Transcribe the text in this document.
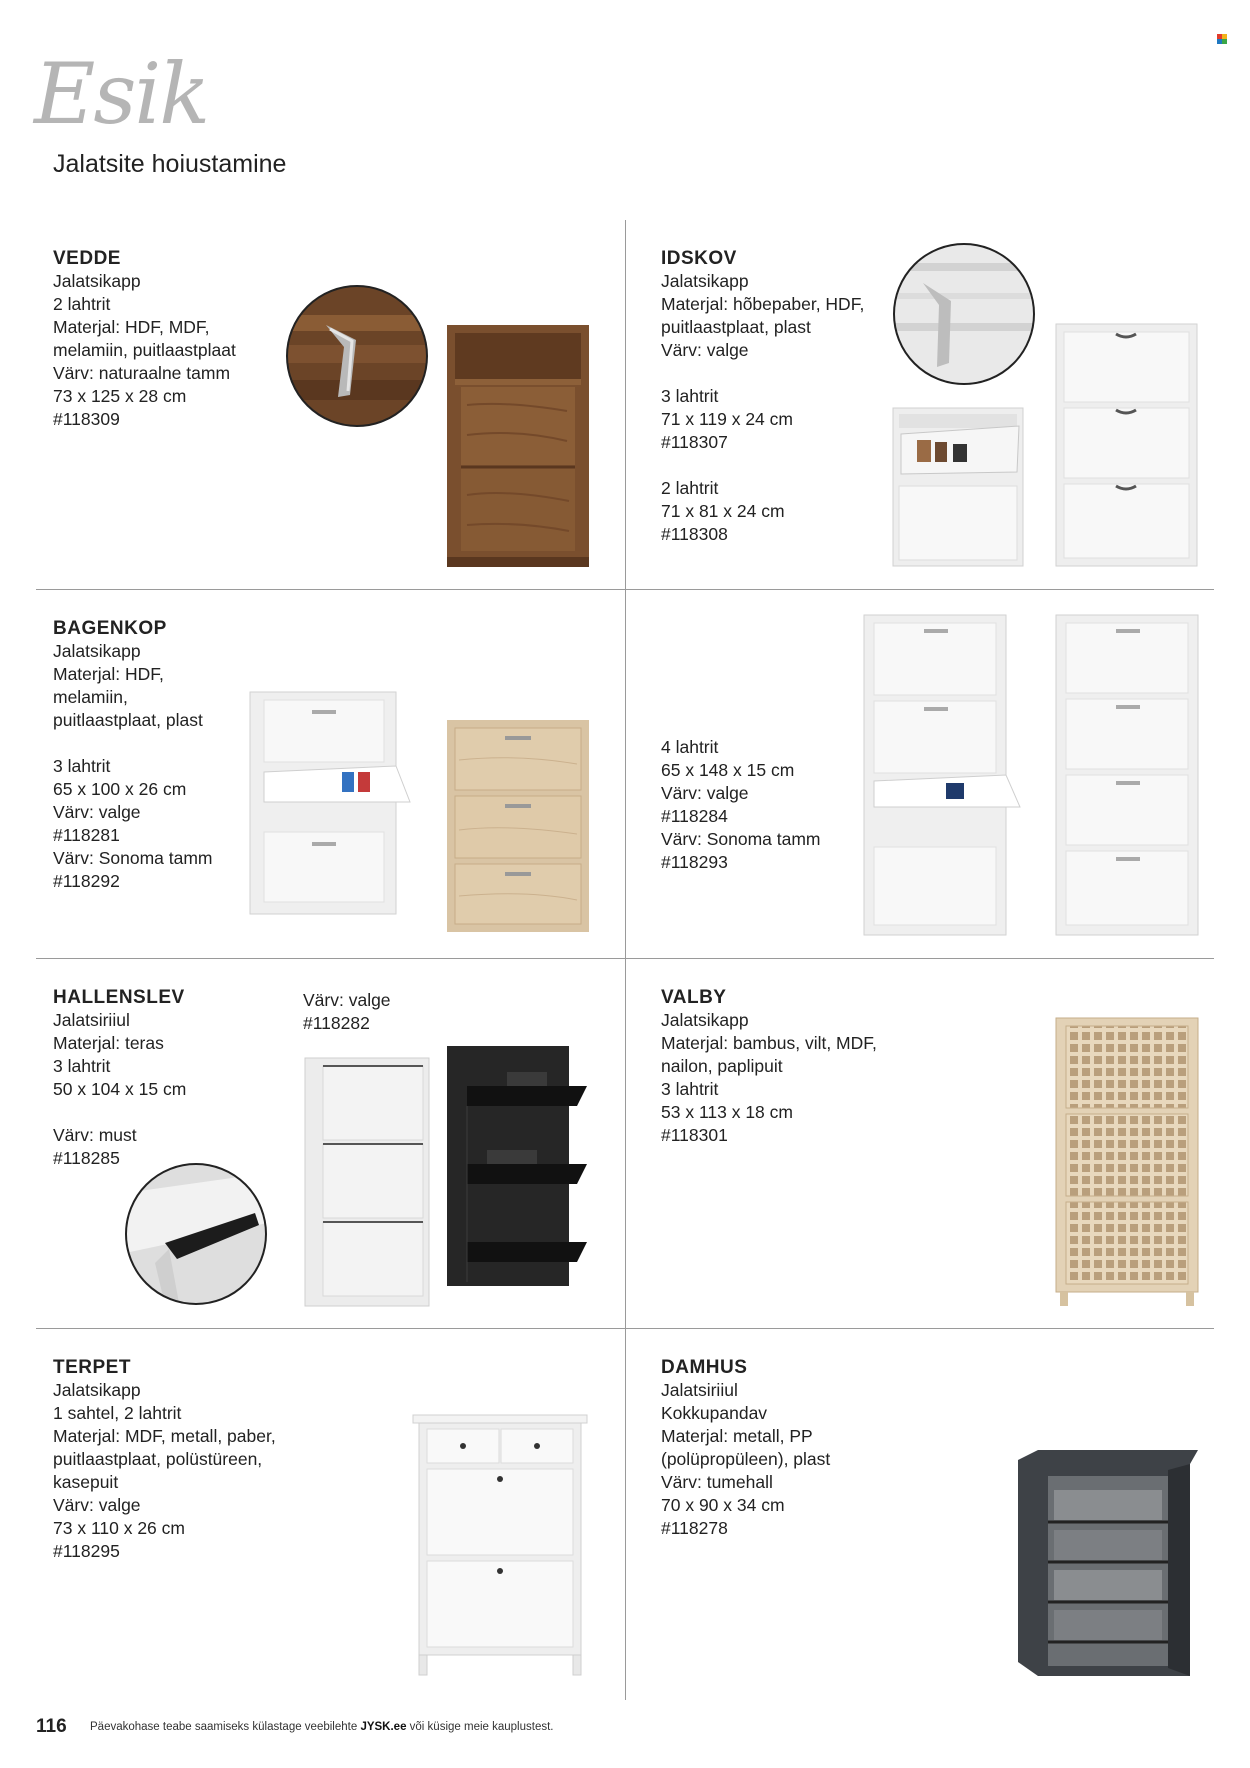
Esik
Jalatsite hoiustamine
VEDDE
Jalatsikapp
2 lahtrit
Materjal: HDF, MDF,
melamiin, puitlaastplaat
Värv: naturaalne tamm
73 x 125 x 28 cm
#118309
IDSKOV
Jalatsikapp
Materjal: hõbepaber, HDF,
puitlaastplaat, plast
Värv: valge
3 lahtrit
71 x 119 x 24 cm
#118307
2 lahtrit
71 x 81 x 24 cm
#118308
BAGENKOP
Jalatsikapp
Materjal: HDF,
melamiin,
puitlaastplaat, plast
3 lahtrit
65 x 100 x 26 cm
Värv: valge
#118281
Värv: Sonoma tamm
#118292
4 lahtrit
65 x 148 x 15 cm
Värv: valge
#118284
Värv: Sonoma tamm
#118293
HALLENSLEV
Jalatsiriiul
Materjal: teras
3 lahtrit
50 x 104 x 15 cm
Värv: must
#118285
Värv: valge
#118282
VALBY
Jalatsikapp
Materjal: bambus, vilt, MDF,
nailon, paplipuit
3 lahtrit
53 x 113 x 18 cm
#118301
TERPET
Jalatsikapp
1 sahtel, 2 lahtrit
Materjal: MDF, metall, paber,
puitlaastplaat, polüstüreen,
kasepuit
Värv: valge
73 x 110 x 26 cm
#118295
DAMHUS
Jalatsiriiul
Kokkupandav
Materjal: metall, PP
(polüpropüleen), plast
Värv: tumehall
70 x 90 x 34 cm
#118278
116 Päevakohase teabe saamiseks külastage veebilehte JYSK.ee või küsige meie kauplustest.
